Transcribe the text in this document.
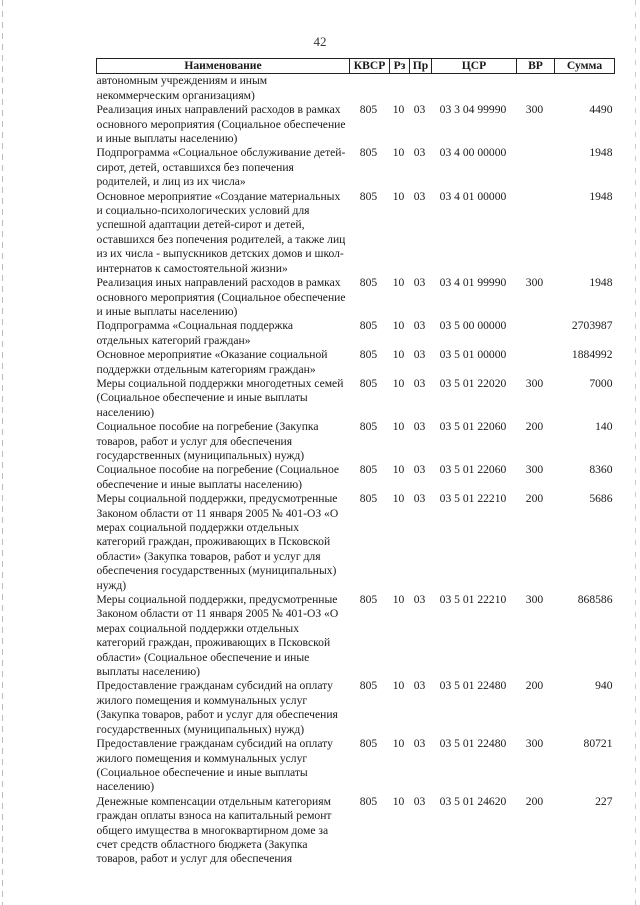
42
Наименование	КВСР	Рз	Пр	ЦСР	ВР	Сумма
автономным учреждениям и иным некоммерческим организациям)						
Реализация иных направлений расходов в рамках основного мероприятия (Социальное обеспечение и иные выплаты населению)	805	10	03	03 3 04 99990	300	4490
Подпрограмма «Социальное обслуживание детей-сирот, детей, оставшихся без попечения родителей, и лиц из их числа»	805	10	03	03 4 00 00000		1948
Основное мероприятие «Создание материальных и социально-психологических условий для успешной адаптации детей-сирот и детей, оставшихся без попечения родителей, а также лиц из их числа - выпускников детских домов и школ-интернатов к самостоятельной жизни»	805	10	03	03 4 01 00000		1948
Реализация иных направлений расходов в рамках основного мероприятия (Социальное обеспечение и иные выплаты населению)	805	10	03	03 4 01 99990	300	1948
Подпрограмма «Социальная поддержка отдельных категорий граждан»	805	10	03	03 5 00 00000		2703987
Основное мероприятие «Оказание социальной поддержки отдельным категориям граждан»	805	10	03	03 5 01 00000		1884992
Меры социальной поддержки многодетных семей (Социальное обеспечение и иные выплаты населению)	805	10	03	03 5 01 22020	300	7000
Социальное пособие на погребение (Закупка товаров, работ и услуг для обеспечения государственных (муниципальных) нужд)	805	10	03	03 5 01 22060	200	140
Социальное пособие на погребение (Социальное обеспечение и иные выплаты населению)	805	10	03	03 5 01 22060	300	8360
Меры социальной поддержки, предусмотренные Законом области от 11 января 2005 № 401-ОЗ «О мерах социальной поддержки отдельных категорий граждан, проживающих в Псковской области» (Закупка товаров, работ и услуг для обеспечения государственных (муниципальных) нужд)	805	10	03	03 5 01 22210	200	5686
Меры социальной поддержки, предусмотренные Законом области от 11 января 2005 № 401-ОЗ «О мерах социальной поддержки отдельных категорий граждан, проживающих в Псковской области» (Социальное обеспечение и иные выплаты населению)	805	10	03	03 5 01 22210	300	868586
Предоставление гражданам субсидий на оплату жилого помещения и коммунальных услуг (Закупка товаров, работ и услуг для обеспечения государственных (муниципальных) нужд)	805	10	03	03 5 01 22480	200	940
Предоставление гражданам субсидий на оплату жилого помещения и коммунальных услуг (Социальное обеспечение и иные выплаты населению)	805	10	03	03 5 01 22480	300	80721
Денежные компенсации отдельным категориям граждан оплаты взноса на капитальный ремонт общего имущества в многоквартирном доме за счет средств областного бюджета (Закупка товаров, работ и услуг для обеспечения	805	10	03	03 5 01 24620	200	227
